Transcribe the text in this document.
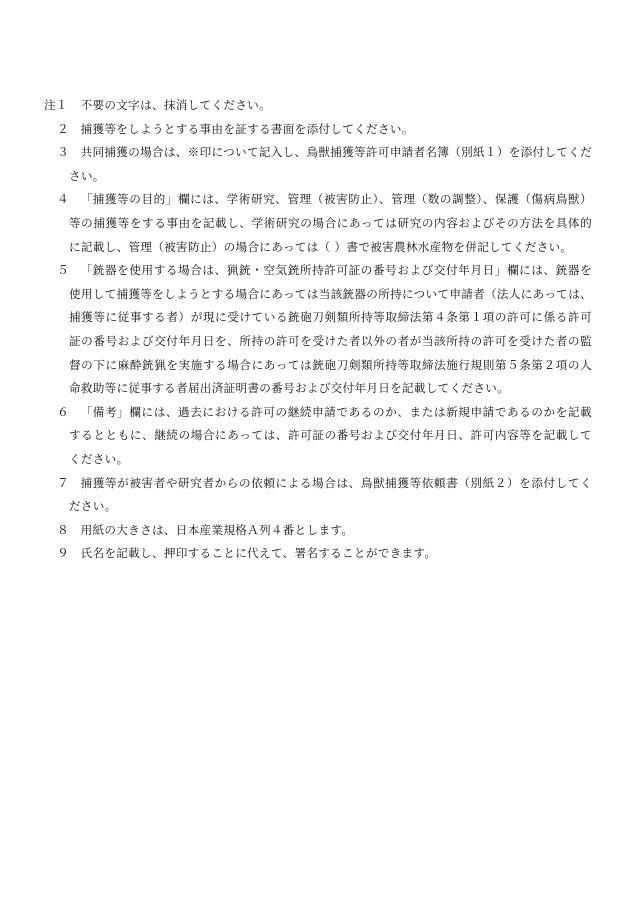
注１	不要の文字は、抹消してください。
２ 捕獲等をしようとする事由を証する書面を添付してください。
３ 共同捕獲の場合は、※印について記入し、鳥獣捕獲等許可申請者名簿（別紙１）を添付してください。
４ 「捕獲等の目的」欄には、学術研究、管理（被害防止）、管理（数の調整）、保護（傷病鳥獣）等の捕獲等をする事由を記載し、学術研究の場合にあっては研究の内容およびその方法を具体的に記載し、管理（被害防止）の場合にあっては（ ）書で被害農林水産物を併記してください。
５ 「銃器を使用する場合は、猟銃・空気銃所持許可証の番号および交付年月日」欄には、銃器を使用して捕獲等をしようとする場合にあっては当該銃器の所持について申請者（法人にあっては、捕獲等に従事する者）が現に受けている銃砲刀剣類所持等取締法第４条第１項の許可に係る許可証の番号および交付年月日を、所持の許可を受けた者以外の者が当該所持の許可を受けた者の監督の下に麻酔銃猟を実施する場合にあっては銃砲刀剣類所持等取締法施行規則第５条第２項の人命救助等に従事する者届出済証明書の番号および交付年月日を記載してください。
６ 「備考」欄には、過去における許可の継続申請であるのか、または新規申請であるのかを記載するとともに、継続の場合にあっては、許可証の番号および交付年月日、許可内容等を記載してください。
７ 捕獲等が被害者や研究者からの依頼による場合は、鳥獣捕獲等依頼書（別紙２）を添付してください。
８ 用紙の大きさは、日本産業規格Ａ列４番とします。
９ 氏名を記載し、押印することに代えて、署名することができます。
